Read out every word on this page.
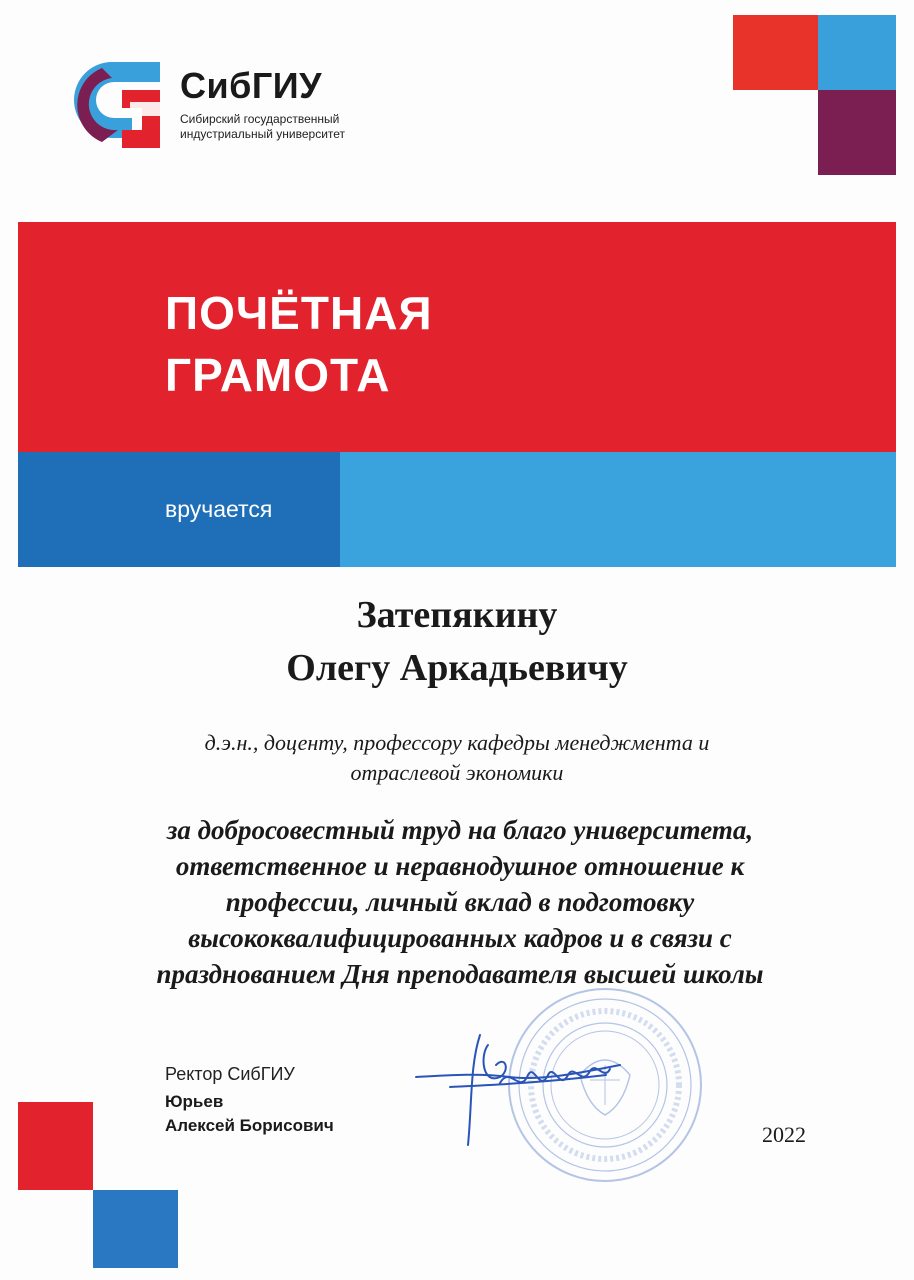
СибГИУ
Сибирский государственный
индустриальный университет
ПОЧЁТНАЯ
ГРАМОТА
вручается
Затепякину
Олегу Аркадьевичу
д.э.н., доценту, профессору кафедры менеджмента и
отраслевой экономики
за добросовестный труд на благо университета,
ответственное и неравнодушное отношение к
профессии, личный вклад в подготовку
высококвалифицированных кадров и в связи с
празднованием Дня преподавателя высшей школы
Ректор СибГИУ
Юрьев
Алексей Борисович	2022
